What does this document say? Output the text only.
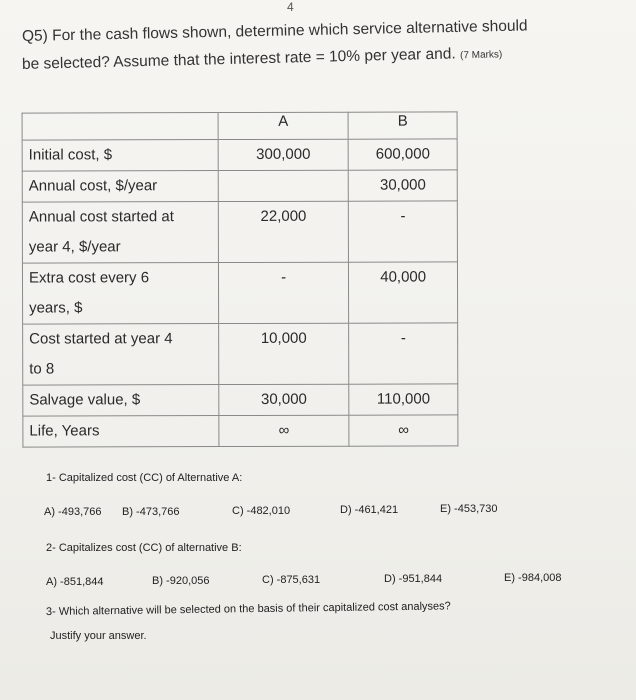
4
Q5) For the cash flows shown, determine which service alternative should
be selected? Assume that the interest rate = 10% per year and. (7 Marks)
	A	B

Initial cost, $	300,000	600,000

Annual cost, $/year		30,000

Annual cost started at
year 4, $/year	22,000	-

Extra cost every 6
years, $	-	40,000

Cost started at year 4
to 8	10,000	-

Salvage value, $	30,000	110,000

Life, Years	∞	∞
1- Capitalized cost (CC) of Alternative A:
A) -493,766 B) -473,766	C) -482,010	D) -461,421	E) -453,730
2- Capitalizes cost (CC) of alternative B:
A) -851,844	B) -920,056	C) -875,631	D) -951,844	E) -984,008
3- Which alternative will be selected on the basis of their capitalized cost analyses?
Justify your answer.
